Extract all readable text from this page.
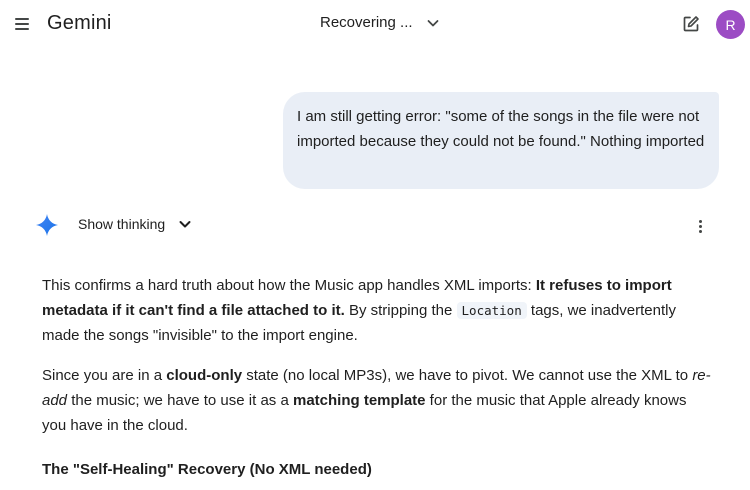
Gemini	Recovering ...	R
I am still getting error: "some of the songs in the file were not imported because they could not be found." Nothing imported
Show thinking
This confirms a hard truth about how the Music app handles XML imports: It refuses to import metadata if it can't find a file attached to it. By stripping the Location tags, we inadvertently made the songs "invisible" to the import engine.
Since you are in a cloud-only state (no local MP3s), we have to pivot. We cannot use the XML to re-add the music; we have to use it as a matching template for the music that Apple already knows you have in the cloud.
The "Self-Healing" Recovery (No XML needed)
